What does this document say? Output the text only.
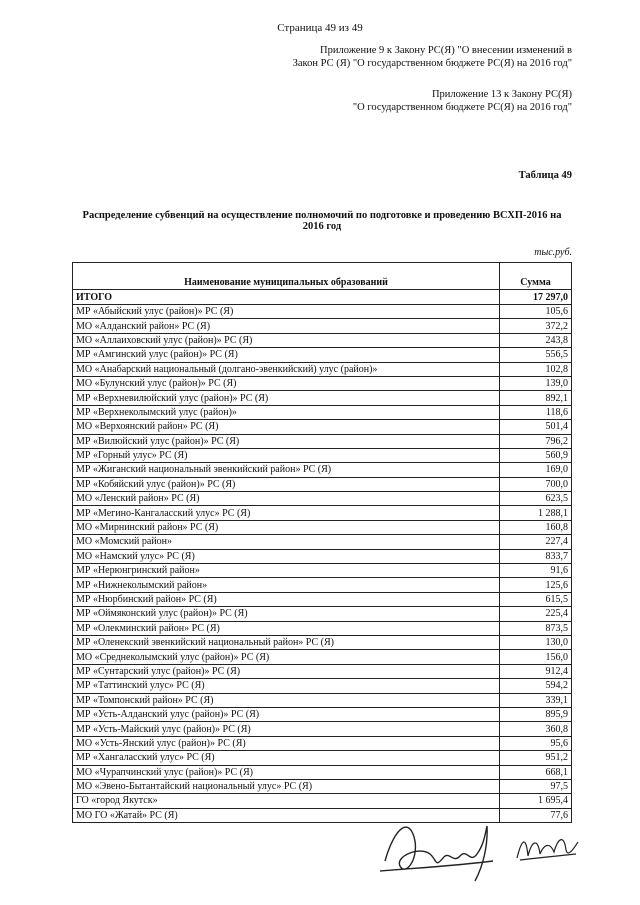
Страница 49 из 49
Приложение 9 к Закону РС(Я) "О внесении изменений в
Закон РС (Я) "О государственном бюджете РС(Я) на 2016 год"
Приложение 13 к Закону РС(Я)
"О государственном бюджете РС(Я) на 2016 год"
Таблица 49
Распределение субвенций на осуществление полномочий по подготовке и проведению ВСХП-2016 на 2016 год
тыс.руб.
Наименование муниципальных образований	Сумма
ИТОГО	17 297,0
МР «Абыйский улус (район)» РС (Я)	105,6
МО «Алданский район» РС (Я)	372,2
МО «Аллаиховский улус (район)» РС (Я)	243,8
МР «Амгинский улус (район)» РС (Я)	556,5
МО «Анабарский национальный (долгано-эвенкийский) улус (район)»	102,8
МО «Булунский улус (район)» РС (Я)	139,0
МР «Верхневилюйский улус (район)» РС (Я)	892,1
МР «Верхнеколымский улус (район)»	118,6
МО «Верхоянский район» РС (Я)	501,4
МР «Вилюйский улус (район)» РС (Я)	796,2
МР «Горный улус» РС (Я)	560,9
МР «Жиганский национальный эвенкийский район» РС (Я)	169,0
МР «Кобяйский улус (район)» РС (Я)	700,0
МО «Ленский район» РС (Я)	623,5
МР «Мегино-Кангаласский улус» РС (Я)	1 288,1
МО «Мирнинский район» РС (Я)	160,8
МО «Момский район»	227,4
МО «Намский улус» РС (Я)	833,7
МР «Нерюнгринский район»	91,6
МР «Нижнеколымский район»	125,6
МР «Нюрбинский район» РС (Я)	615,5
МР «Оймяконский улус (район)» РС (Я)	225,4
МР «Олекминский район» РС (Я)	873,5
МР «Оленекский эвенкийский национальный район» РС (Я)	130,0
МО «Среднеколымский улус (район)» РС (Я)	156,0
МР «Сунтарский улус (район)» РС (Я)	912,4
МР «Таттинский улус» РС (Я)	594,2
МР «Томпонский район» РС (Я)	339,1
МР «Усть-Алданский улус (район)» РС (Я)	895,9
МР «Усть-Майский улус (район)» РС (Я)	360,8
МО «Усть-Янский улус (район)» РС (Я)	95,6
МР «Хангаласский улус» РС (Я)	951,2
МО «Чурапчинский улус (район)» РС (Я)	668,1
МО «Эвено-Бытантайский национальный улус» РС (Я)	97,5
ГО «город Якутск»	1 695,4
МО ГО «Жатай» РС (Я)	77,6
